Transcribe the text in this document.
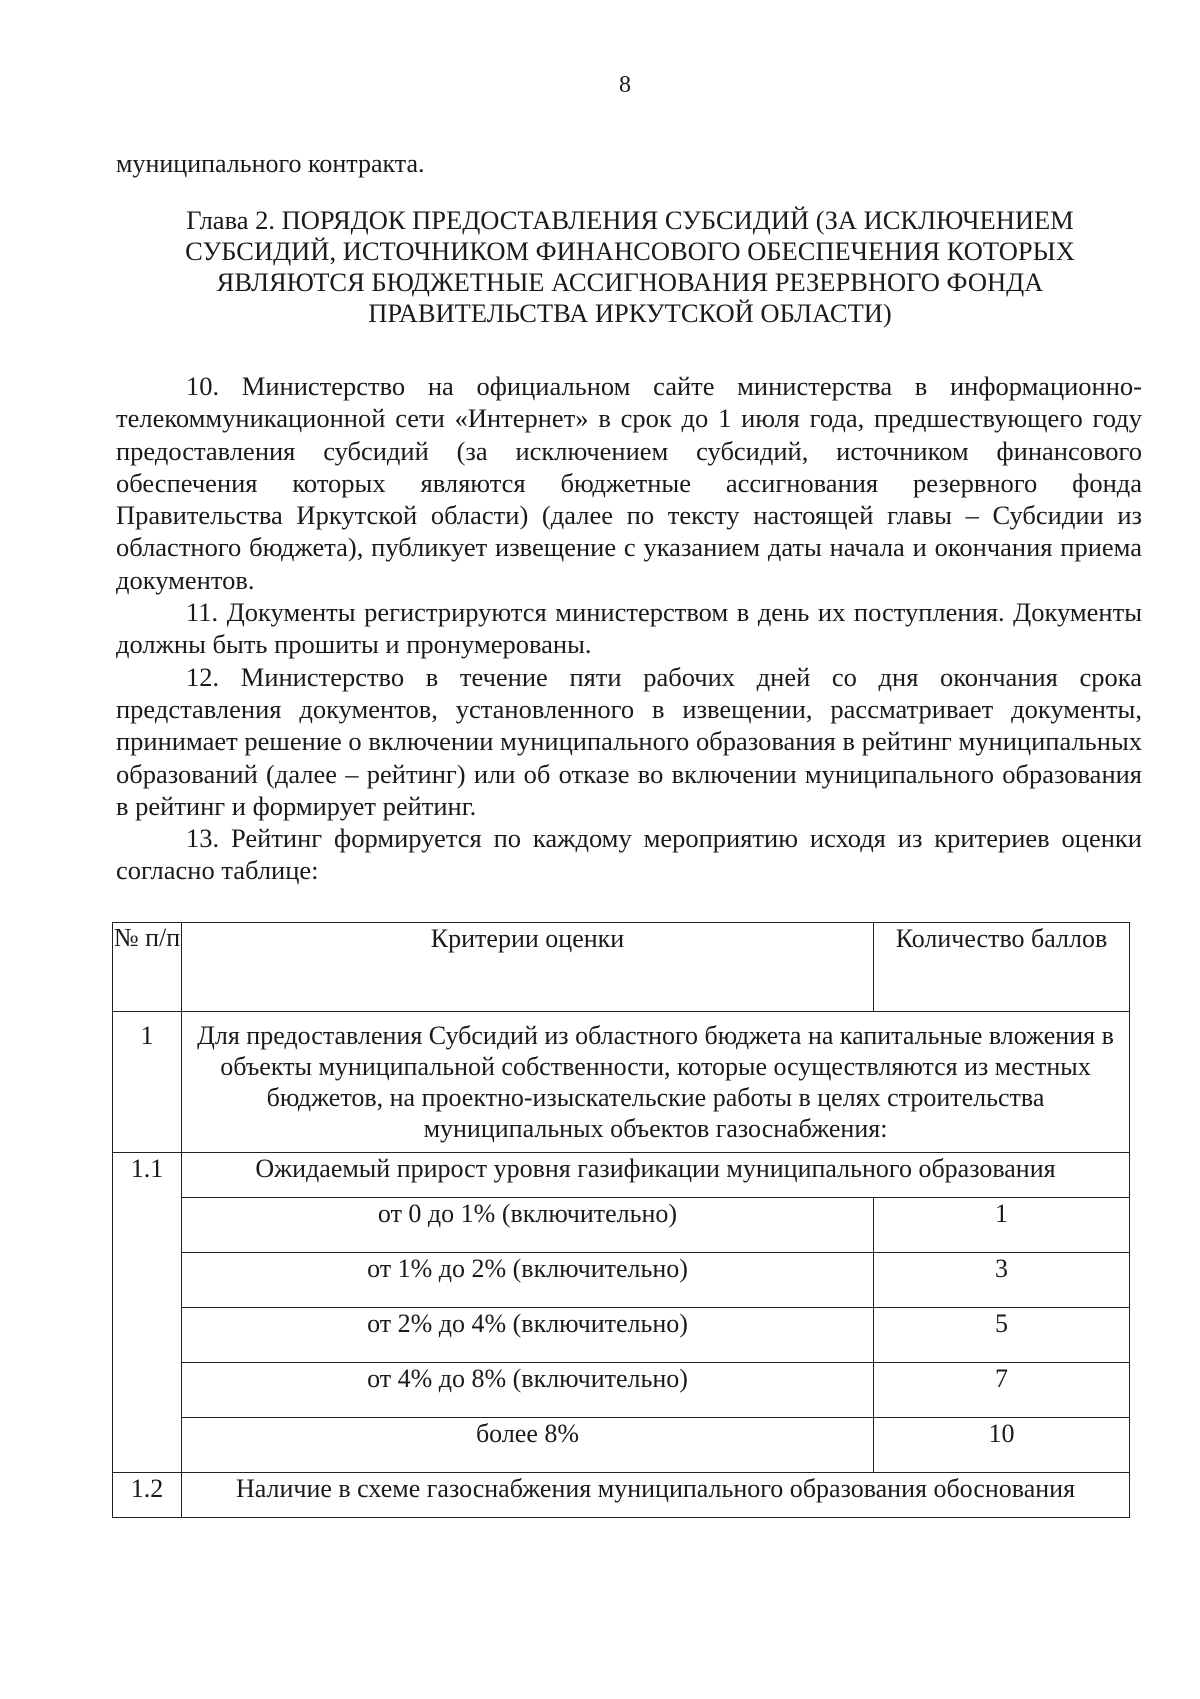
8
муниципального контракта.
Глава 2. ПОРЯДОК ПРЕДОСТАВЛЕНИЯ СУБСИДИЙ (ЗА ИСКЛЮЧЕНИЕМ
СУБСИДИЙ, ИСТОЧНИКОМ ФИНАНСОВОГО ОБЕСПЕЧЕНИЯ КОТОРЫХ
ЯВЛЯЮТСЯ БЮДЖЕТНЫЕ АССИГНОВАНИЯ РЕЗЕРВНОГО ФОНДА
ПРАВИТЕЛЬСТВА ИРКУТСКОЙ ОБЛАСТИ)

10. Министерство на официальном сайте министерства в информационно-телекоммуникационной сети «Интернет» в срок до 1 июля года, предшествующего году предоставления субсидий (за исключением субсидий, источником финансового обеспечения которых являются бюджетные ассигнования резервного фонда Правительства Иркутской области) (далее по тексту настоящей главы – Субсидии из областного бюджета), публикует извещение с указанием даты начала и окончания приема документов.

11. Документы регистрируются министерством в день их поступления. Документы должны быть прошиты и пронумерованы.

12. Министерство в течение пяти рабочих дней со дня окончания срока представления документов, установленного в извещении, рассматривает документы, принимает решение о включении муниципального образования в рейтинг муниципальных образований (далее – рейтинг) или об отказе во включении муниципального образования в рейтинг и формирует рейтинг.

13. Рейтинг формируется по каждому мероприятию исходя из критериев оценки согласно таблице:

№ п/п	Критерии оценки	Количество баллов
1	Для предоставления Субсидий из областного бюджета на капитальные вложения в объекты муниципальной собственности, которые осуществляются из местных бюджетов, на проектно-изыскательские работы в целях строительства муниципальных объектов газоснабжения:	
1.1	Ожидаемый прирост уровня газификации муниципального образования	
	от 0 до 1% (включительно)	1
	от 1% до 2% (включительно)	3
	от 2% до 4% (включительно)	5
	от 4% до 8% (включительно)	7
	более 8%	10
1.2	Наличие в схеме газоснабжения муниципального образования обоснования	
